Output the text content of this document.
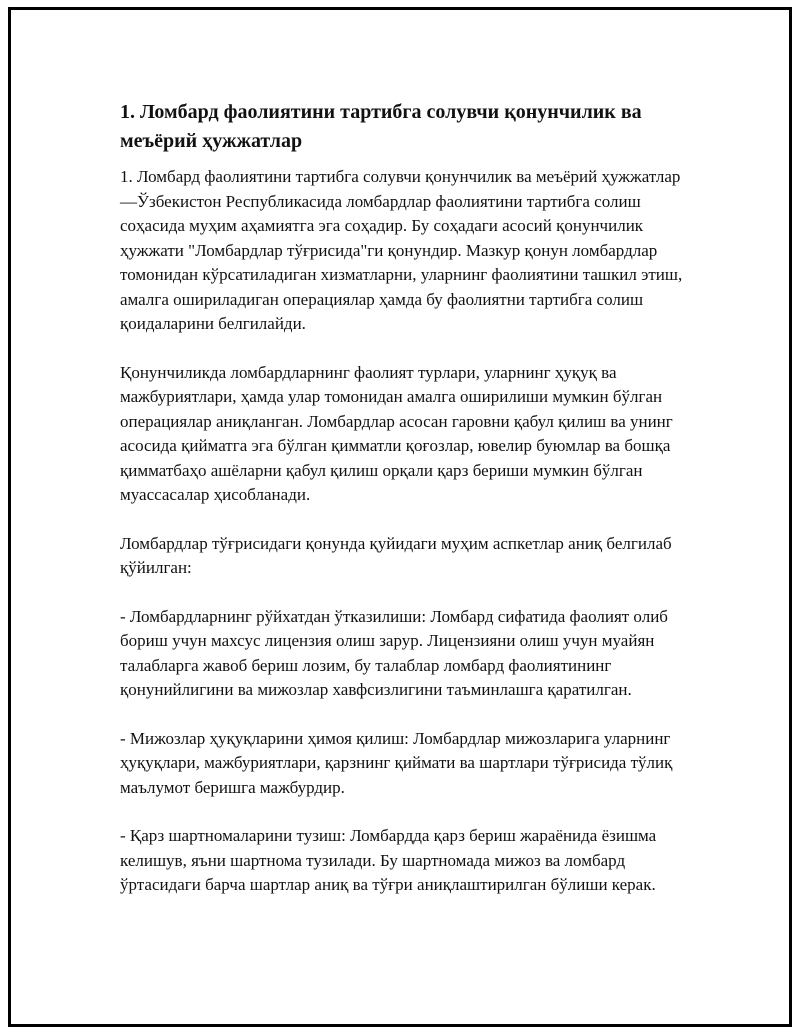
1. Ломбард фаолиятини тартибга солувчи қонунчилик ва меъёрий ҳужжатлар

1. Ломбард фаолиятини тартибга солувчи қонунчилик ва меъёрий ҳужжатлар—Ўзбекистон Республикасида ломбардлар фаолиятини тартибга солиш соҳасида муҳим аҳамиятга эга соҳадир. Бу соҳадаги асосий қонунчилик ҳужжати "Ломбардлар тўғрисида"ги қонундир. Мазкур қонун ломбардлар томонидан кўрсатиладиган хизматларни, уларнинг фаолиятини ташкил этиш, амалга ошириладиган операциялар ҳамда бу фаолиятни тартибга солиш қоидаларини белгилайди.

Қонунчиликда ломбардларнинг фаолият турлари, уларнинг ҳуқуқ ва мажбуриятлари, ҳамда улар томонидан амалга оширилиши мумкин бўлган операциялар аниқланган. Ломбардлар асосан гаровни қабул қилиш ва унинг асосида қийматга эга бўлган қимматли қоғозлар, ювелир буюмлар ва бошқа қимматбаҳо ашёларни қабул қилиш орқали қарз бериши мумкин бўлган муассасалар ҳисобланади.

Ломбардлар тўғрисидаги қонунда қуйидаги муҳим аспкетлар аниқ белгилаб қўйилган:

- Ломбардларнинг рўйхатдан ўтказилиши: Ломбард сифатида фаолият олиб бориш учун махсус лицензия олиш зарур. Лицензияни олиш учун муайян талабларга жавоб бериш лозим, бу талаблар ломбард фаолиятининг қонунийлигини ва мижозлар хавфсизлигини таъминлашга қаратилган.

- Мижозлар ҳуқуқларини ҳимоя қилиш: Ломбардлар мижозларига уларнинг ҳуқуқлари, мажбуриятлари, қарзнинг қиймати ва шартлари тўғрисида тўлиқ маълумот беришга мажбурдир.

- Қарз шартномаларини тузиш: Ломбардда қарз бериш жараёнида ёзишма келишув, яъни шартнома тузилади. Бу шартномада мижоз ва ломбард ўртасидаги барча шартлар аниқ ва тўғри аниқлаштирилган бўлиши керак.
